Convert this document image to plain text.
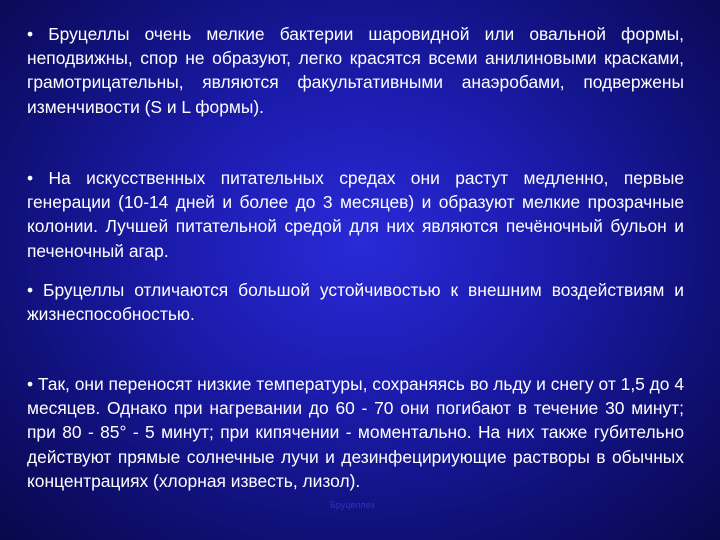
• Бруцеллы очень мелкие бактерии шаровидной или овальной формы, неподвижны, спор не образуют, легко красятся всеми анилиновыми красками, грамотрицательны, являются факультативными анаэробами, подвержены изменчивости (S и L формы).
• На искусственных питательных средах они растут медленно, первые генерации (10-14 дней и более до 3 месяцев) и образуют мелкие прозрачные колонии. Лучшей питательной средой для них являются печёночный бульон и печеночный агар.
• Бруцеллы отличаются большой устойчивостью к внешним воздействиям и жизнеспособностью.
• Так, они переносят низкие температуры, сохраняясь во льду и снегу от 1,5 до 4 месяцев. Однако при нагревании до 60 - 70 они погибают в течение 30 минут; при 80 - 85° - 5 минут; при кипячении - моментально. На них также губительно действуют прямые солнечные лучи и дезинфецириующие растворы в обычных концентрациях (хлорная известь, лизол).
Бруцеллез
